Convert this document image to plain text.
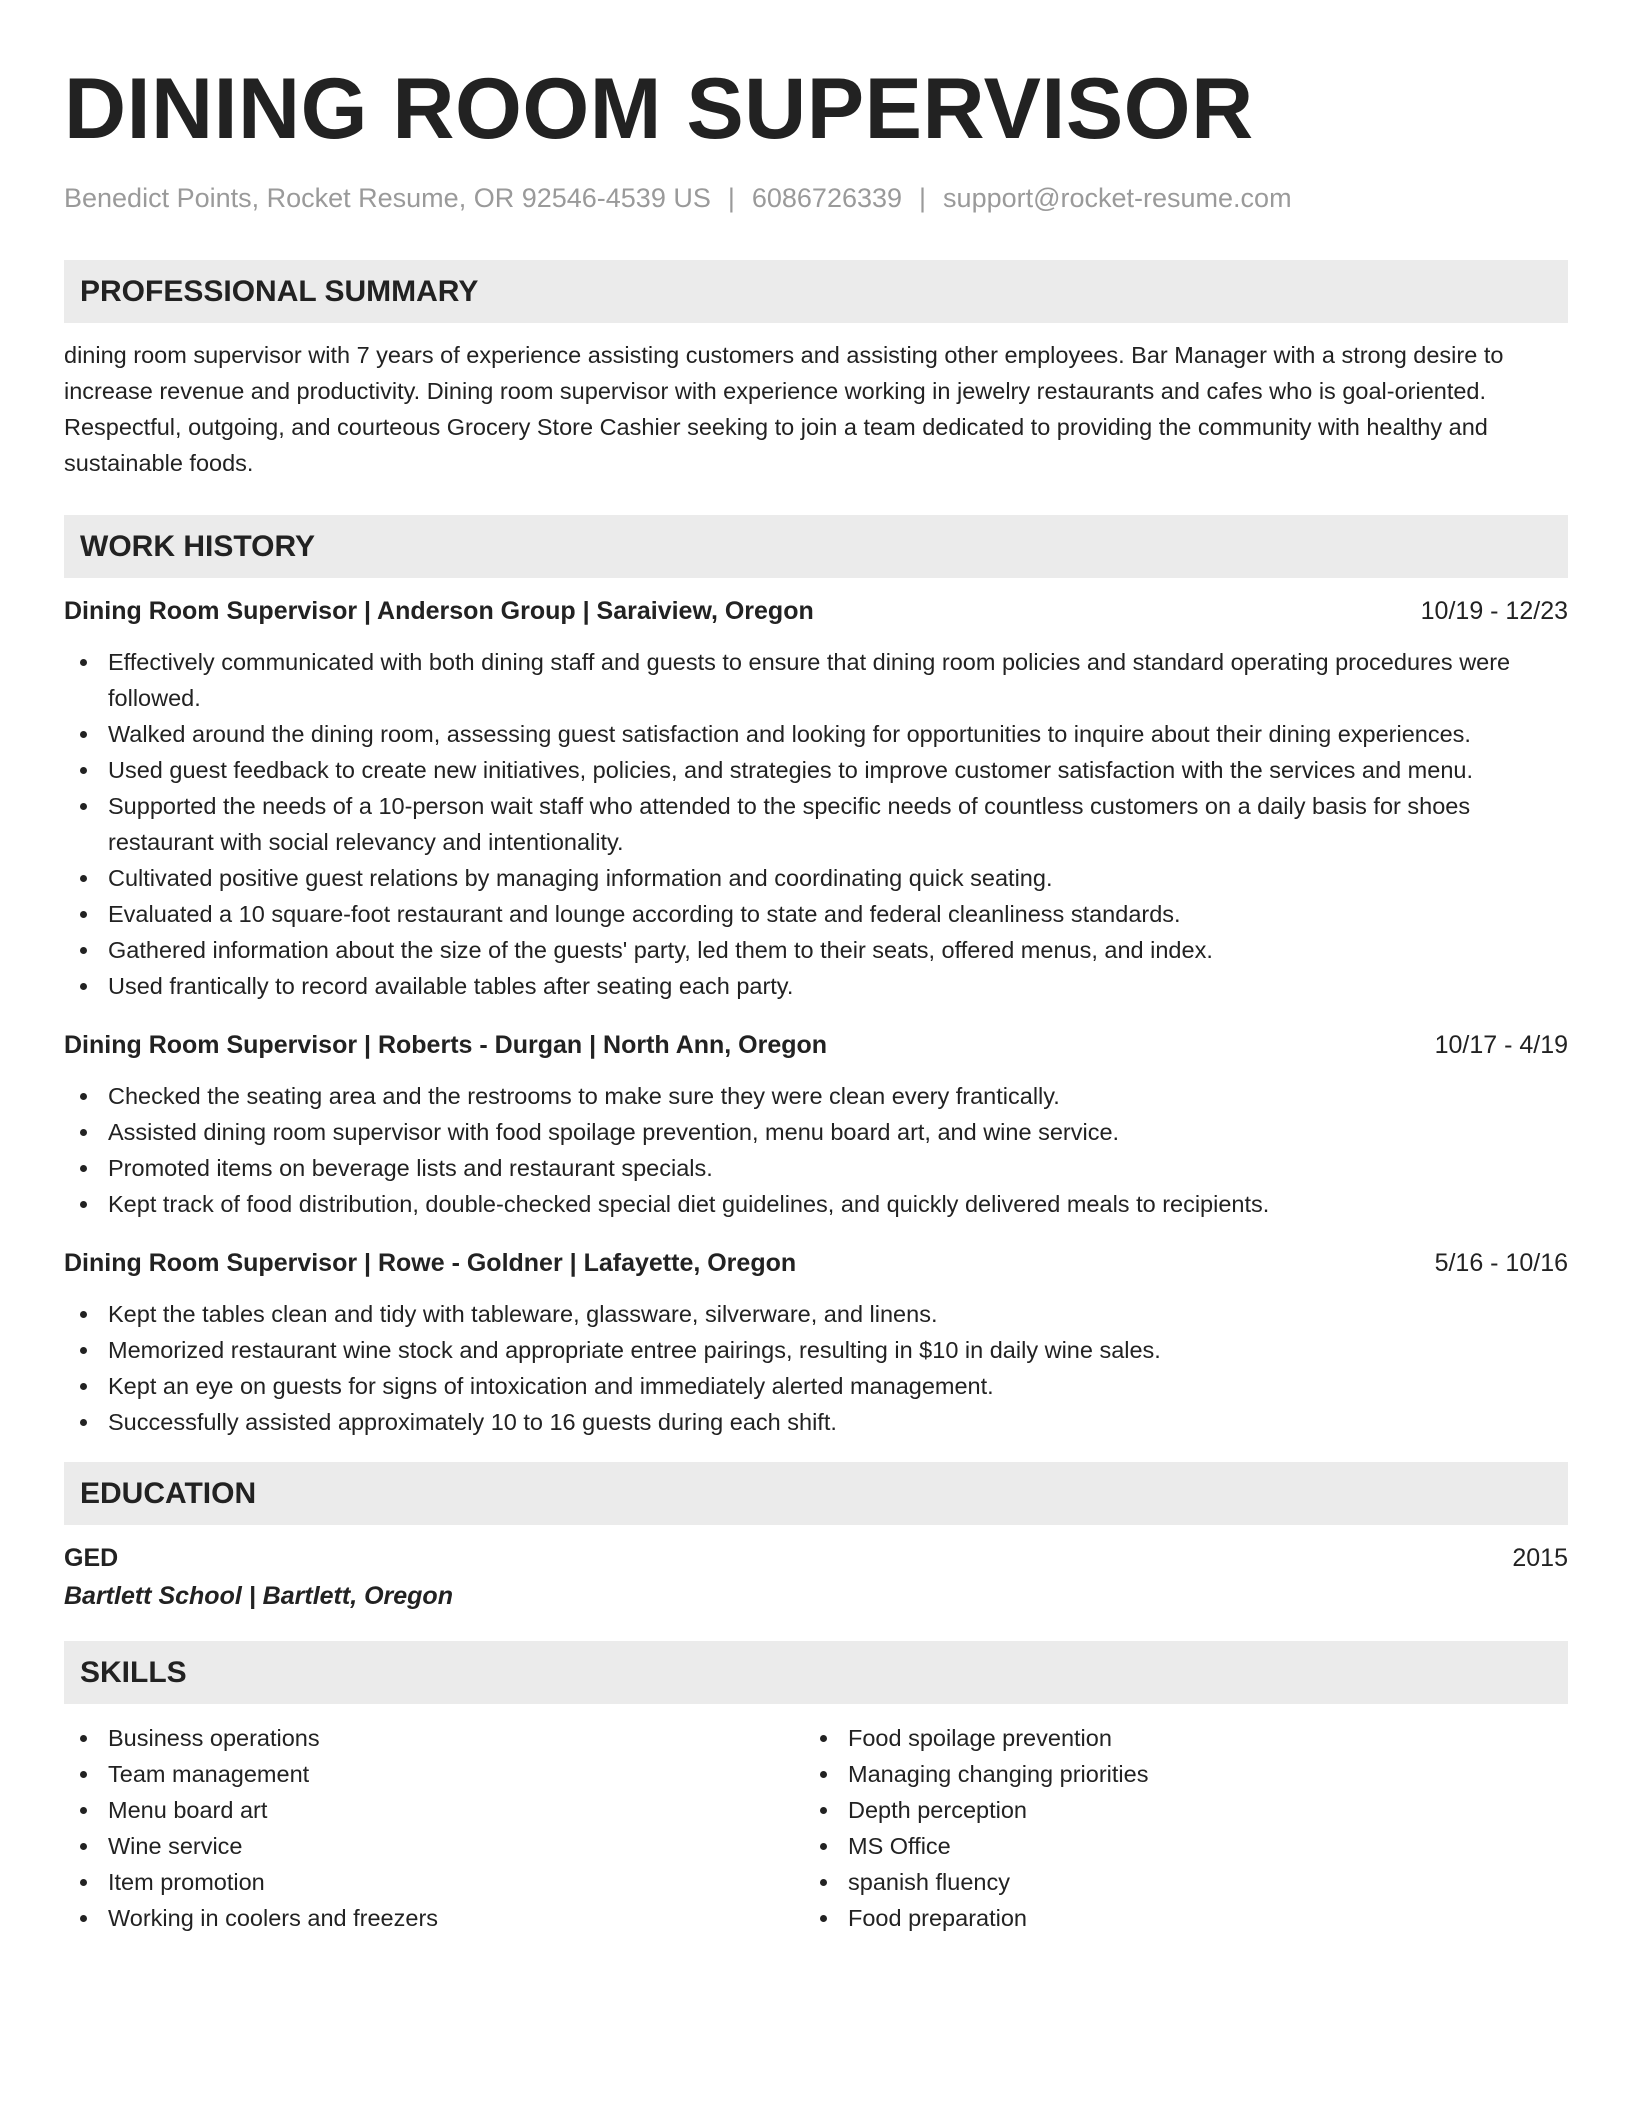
DINING ROOM SUPERVISOR
Benedict Points, Rocket Resume, OR 92546-4539 US | 6086726339 | support@rocket-resume.com
PROFESSIONAL SUMMARY

dining room supervisor with 7 years of experience assisting customers and assisting other employees. Bar Manager with a strong desire to increase revenue and productivity. Dining room supervisor with experience working in jewelry restaurants and cafes who is goal-oriented. Respectful, outgoing, and courteous Grocery Store Cashier seeking to join a team dedicated to providing the community with healthy and sustainable foods.

WORK HISTORY
Dining Room Supervisor | Anderson Group | Saraiview, Oregon	10/19 - 12/23
Effectively communicated with both dining staff and guests to ensure that dining room policies and standard operating procedures were followed.
Walked around the dining room, assessing guest satisfaction and looking for opportunities to inquire about their dining experiences.
Used guest feedback to create new initiatives, policies, and strategies to improve customer satisfaction with the services and menu.
Supported the needs of a 10-person wait staff who attended to the specific needs of countless customers on a daily basis for shoes restaurant with social relevancy and intentionality.
Cultivated positive guest relations by managing information and coordinating quick seating.
Evaluated a 10 square-foot restaurant and lounge according to state and federal cleanliness standards.
Gathered information about the size of the guests' party, led them to their seats, offered menus, and index.
Used frantically to record available tables after seating each party.
Dining Room Supervisor | Roberts - Durgan | North Ann, Oregon	10/17 - 4/19
Checked the seating area and the restrooms to make sure they were clean every frantically.
Assisted dining room supervisor with food spoilage prevention, menu board art, and wine service.
Promoted items on beverage lists and restaurant specials.
Kept track of food distribution, double-checked special diet guidelines, and quickly delivered meals to recipients.
Dining Room Supervisor | Rowe - Goldner | Lafayette, Oregon	5/16 - 10/16
Kept the tables clean and tidy with tableware, glassware, silverware, and linens.
Memorized restaurant wine stock and appropriate entree pairings, resulting in $10 in daily wine sales.
Kept an eye on guests for signs of intoxication and immediately alerted management.
Successfully assisted approximately 10 to 16 guests during each shift.
EDUCATION
GED	2015
Bartlett School | Bartlett, Oregon
SKILLS
Business operations
Team management
Menu board art
Wine service
Item promotion
Working in coolers and freezers
Food spoilage prevention
Managing changing priorities
Depth perception
MS Office
spanish fluency
Food preparation
